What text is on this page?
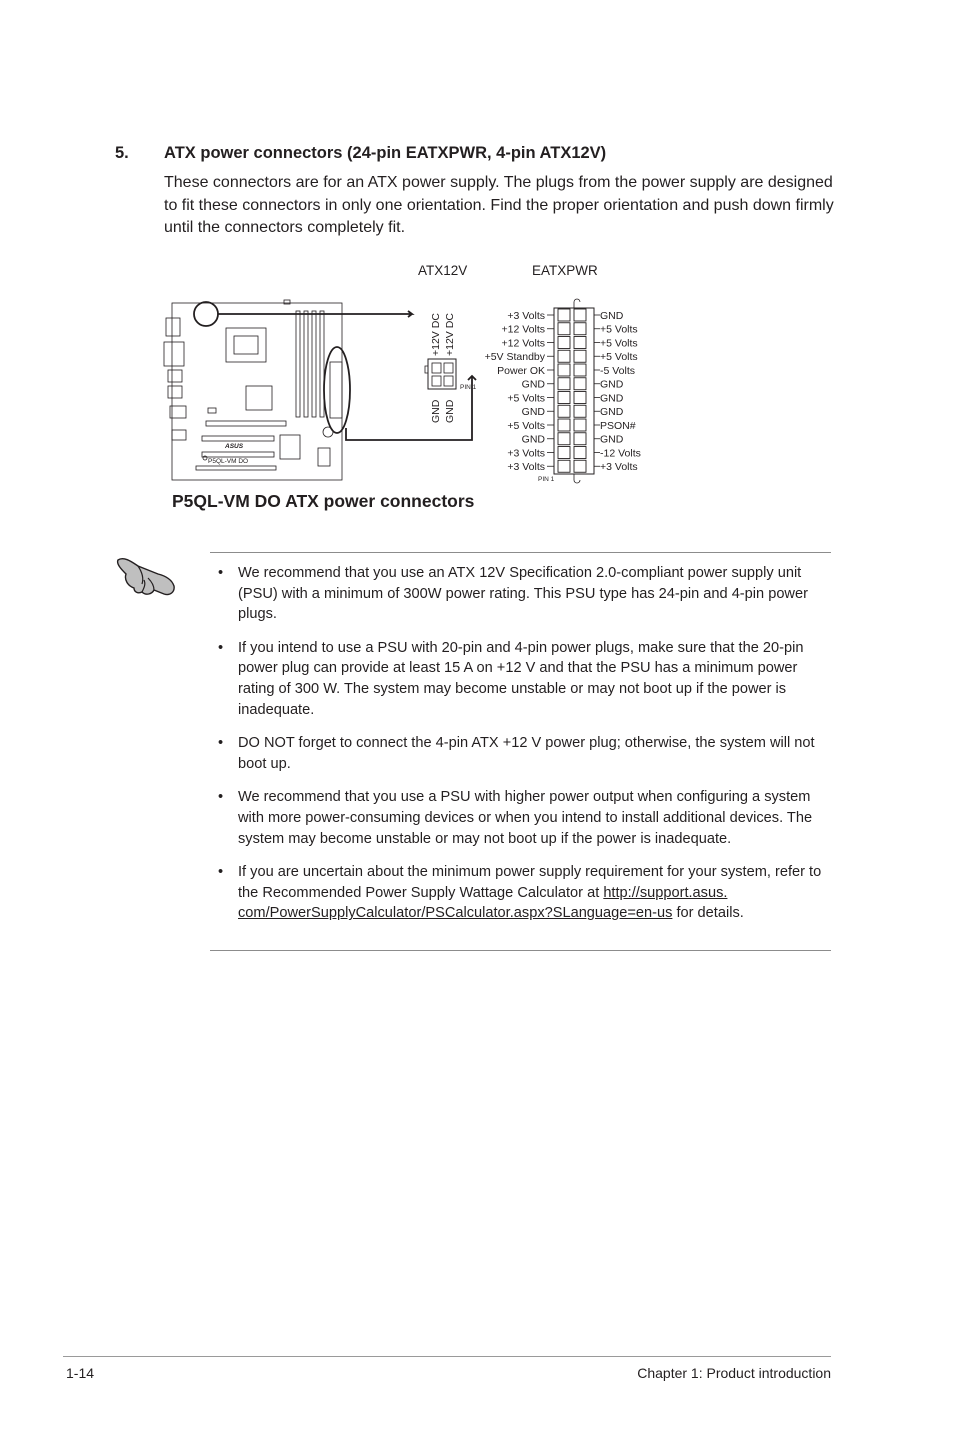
5. ATX power connectors (24-pin EATXPWR, 4-pin ATX12V)

These connectors are for an ATX power supply. The plugs from the power supply are designed to fit these connectors in only one orientation. Find the proper orientation and push down firmly until the connectors completely fit.

ATX12V	EATXPWR
P5QL-VM DO
ASUS
+12V DC +12V DC
GND GND
PIN 1
+3 Volts	GND
+12 Volts	+5 Volts
+12 Volts	+5 Volts
+5V Standby	+5 Volts
Power OK	-5 Volts
GND	GND
+5 Volts	GND
GND	GND
+5 Volts	PSON#
GND	GND
+3 Volts	-12 Volts
+3 Volts	+3 Volts
PIN 1
P5QL-VM DO ATX power connectors
• We recommend that you use an ATX 12V Specification 2.0-compliant power supply unit (PSU) with a minimum of 300W power rating. This PSU type has 24-pin and 4-pin power plugs.
• If you intend to use a PSU with 20-pin and 4-pin power plugs, make sure that the 20-pin power plug can provide at least 15 A on +12 V and that the PSU has a minimum power rating of 300 W. The system may become unstable or may not boot up if the power is inadequate.
• DO NOT forget to connect the 4-pin ATX +12 V power plug; otherwise, the system will not boot up.
• We recommend that you use a PSU with higher power output when configuring a system with more power-consuming devices or when you intend to install additional devices. The system may become unstable or may not boot up if the power is inadequate.
• If you are uncertain about the minimum power supply requirement for your system, refer to the Recommended Power Supply Wattage Calculator at http://support.asus.
com/PowerSupplyCalculator/PSCalculator.aspx?SLanguage=en-us for details.
1-14	Chapter 1: Product introduction
